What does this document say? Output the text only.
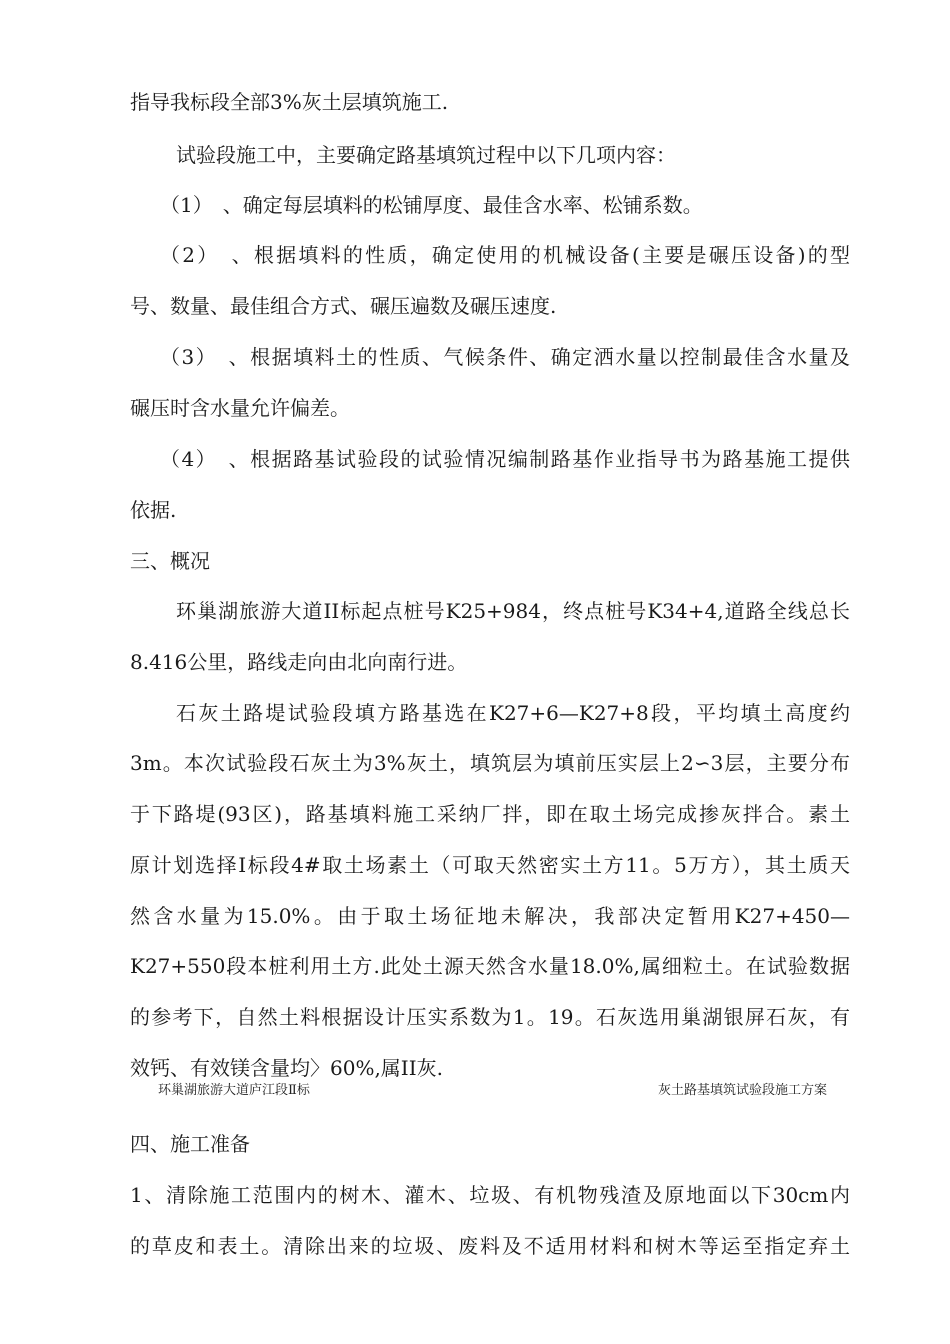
指导我标段全部3%灰土层填筑施工.
试验段施工中，主要确定路基填筑过程中以下几项内容：
（1）　、确定每层填料的松铺厚度、最佳含水率、松铺系数。
（2）　、根据填料的性质，确定使用的机械设备(主要是碾压设备)的型
号、数量、最佳组合方式、碾压遍数及碾压速度.
（3）　、根据填料土的性质、气候条件、确定洒水量以控制最佳含水量及
碾压时含水量允许偏差。
（4）　、根据路基试验段的试验情况编制路基作业指导书为路基施工提供
依据.
三、概况
环巢湖旅游大道II标起点桩号K25+984，终点桩号K34+4,道路全线总长
8.416公里，路线走向由北向南行进。
石灰土路堤试验段填方路基选在K27+6—K27+8段，平均填土高度约
3m。本次试验段石灰土为3%灰土，填筑层为填前压实层上2∽3层，主要分布
于下路堤(93区)，路基填料施工采纳厂拌，即在取土场完成掺灰拌合。素土
原计划选择I标段4#取土场素土（可取天然密实土方11。5万方），其土质天
然含水量为15.0%。由于取土场征地未解决，我部决定暂用K27+450—
K27+550段本桩利用土方.此处土源天然含水量18.0%,属细粒土。在试验数据
的参考下，自然土料根据设计压实系数为1。19。石灰选用巢湖银屏石灰，有
效钙、有效镁含量均〉60%,属II灰.
环巢湖旅游大道庐江段Ⅱ标	灰土路基填筑试验段施工方案
四、施工准备
1、清除施工范围内的树木、灌木、垃圾、有机物残渣及原地面以下30cm内
的草皮和表土。清除出来的垃圾、废料及不适用材料和树木等运至指定弃土
